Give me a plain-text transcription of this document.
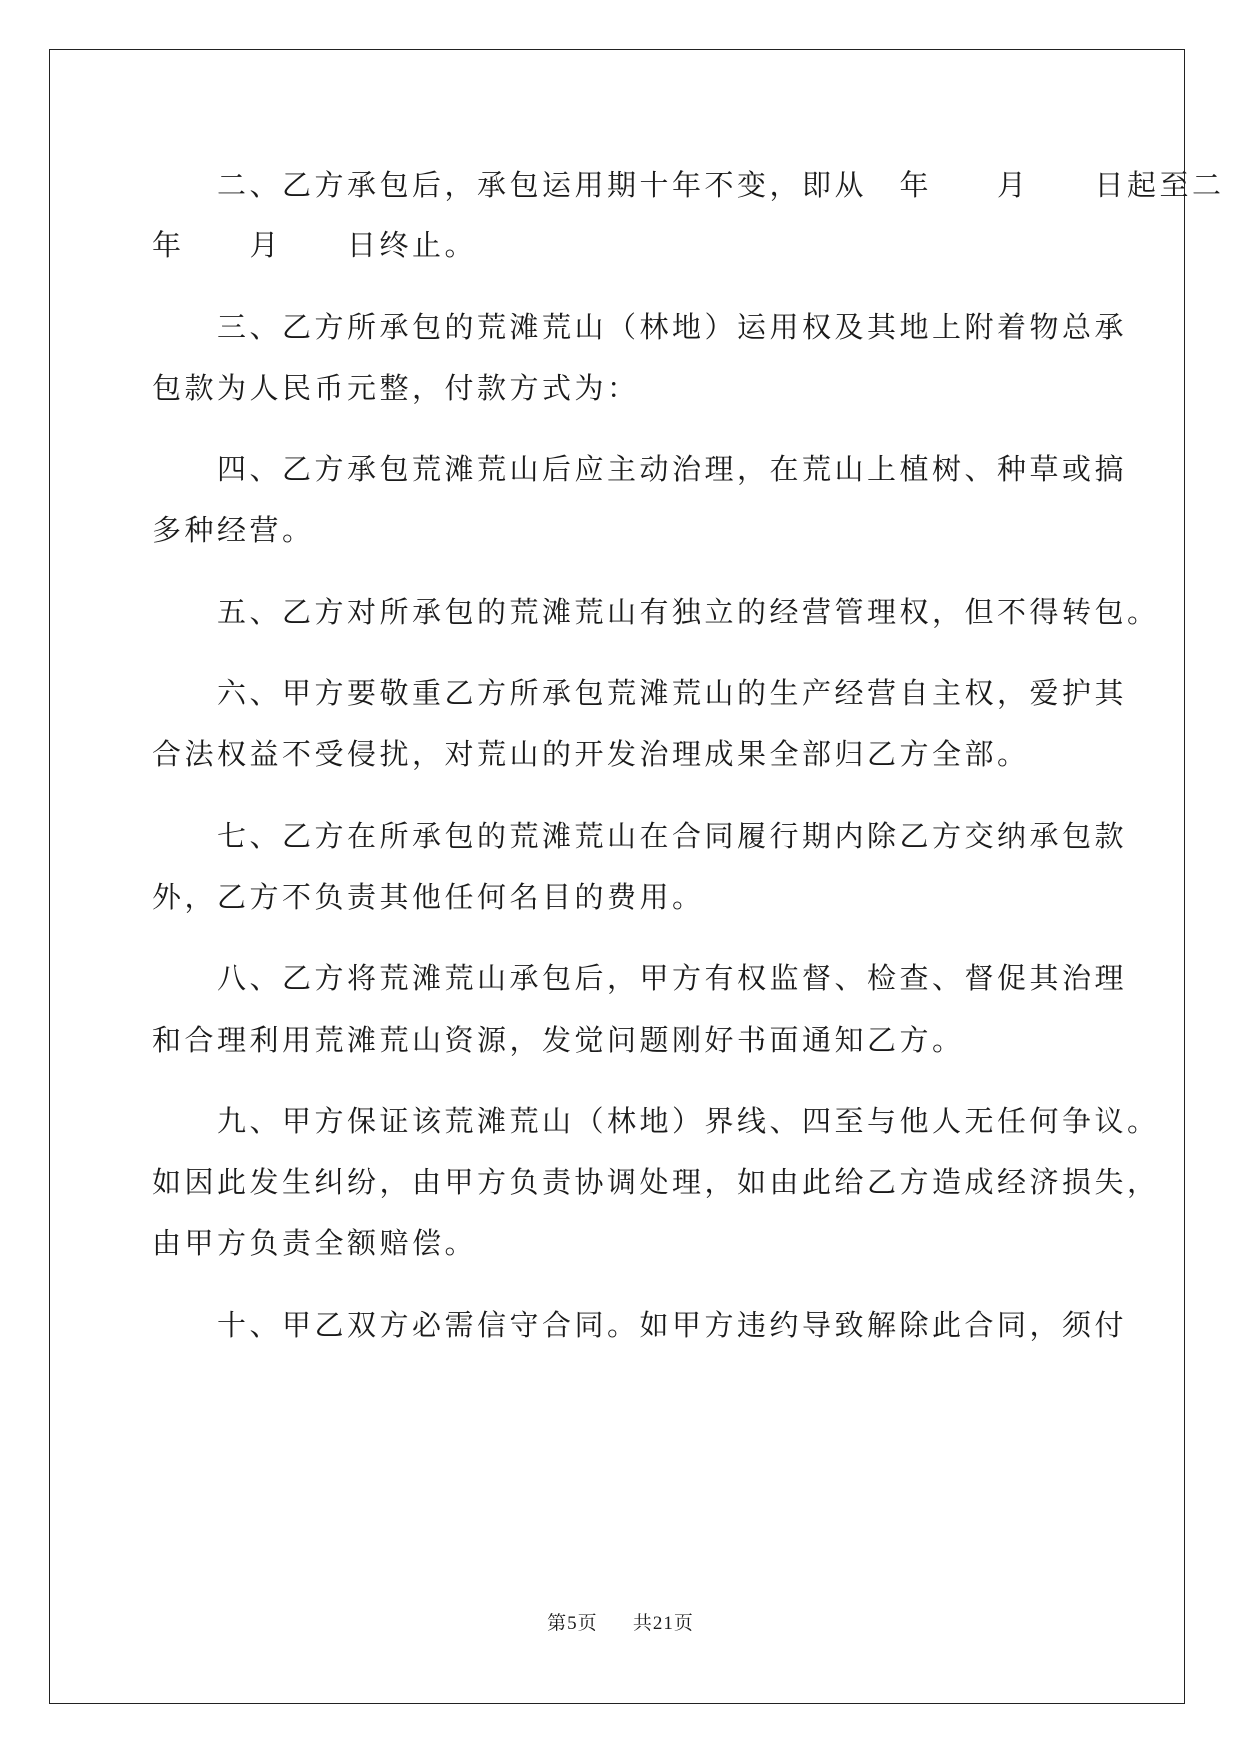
　　二、乙方承包后，承包运用期十年不变，即从　年　　月　　日起至二
年　　月　　日终止。
　　三、乙方所承包的荒滩荒山（林地）运用权及其地上附着物总承
包款为人民币元整，付款方式为：
　　四、乙方承包荒滩荒山后应主动治理，在荒山上植树、种草或搞
多种经营。
　　五、乙方对所承包的荒滩荒山有独立的经营管理权，但不得转包。
　　六、甲方要敬重乙方所承包荒滩荒山的生产经营自主权，爱护其
合法权益不受侵扰，对荒山的开发治理成果全部归乙方全部。
　　七、乙方在所承包的荒滩荒山在合同履行期内除乙方交纳承包款
外，乙方不负责其他任何名目的费用。
　　八、乙方将荒滩荒山承包后，甲方有权监督、检查、督促其治理
和合理利用荒滩荒山资源，发觉问题刚好书面通知乙方。
　　九、甲方保证该荒滩荒山（林地）界线、四至与他人无任何争议。
如因此发生纠纷，由甲方负责协调处理，如由此给乙方造成经济损失，
由甲方负责全额赔偿。
　　十、甲乙双方必需信守合同。如甲方违约导致解除此合同，须付
第5页 共21页
